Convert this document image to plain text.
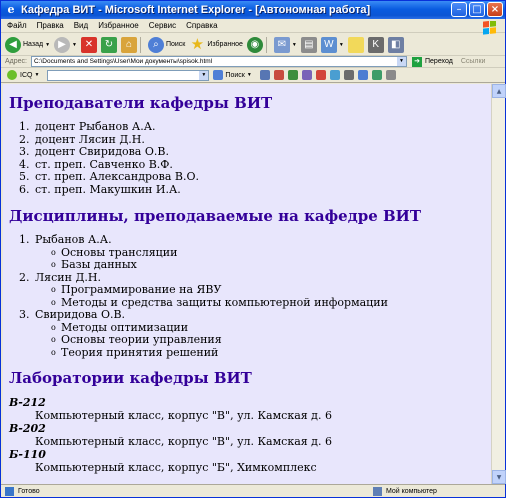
e Кафедра ВИТ - Microsoft Internet Explorer - [Автономная работа]	–	□ ×
Файл Правка Вид Избранное Сервис Справка
◀ Назад ▼ ▶	▼ ✕	↻	⌂	⌕	Поиск ★ Избранное ◉	✉	▼ ▤	W	▼	K	◧
Адрес:	C:\Documents and Settings\User\Мои документы\spisok.html	▼ ➜ Переход Ссылки
ICQ ▼	▼	Поиск ▼
Преподаватели кафедры ВИТ
1. доцент Рыбанов А.А.
2. доцент Лясин Д.Н.
3. доцент Свиридова О.В.
4. ст. преп. Савченко В.Ф.
5. ст. преп. Александрова В.О.
6. ст. преп. Макушкин И.А.
Дисциплины, преподаваемые на кафедре ВИТ
1. Рыбанов А.А.
o Основы трансляции
o Базы данных
2. Лясин Д.Н.
o Программирование на ЯВУ
o Методы и средства защиты компьютерной информации
3. Свиридова О.В.
o Методы оптимизации
o Основы теории управления
o Теория принятия решений
Лаборатории кафедры ВИТ
В-212
Компьютерный класс, корпус "В", ул. Камская д. 6
В-202
Компьютерный класс, корпус "В", ул. Камская д. 6
Б-110
Компьютерный класс, корпус "Б", Химкомплекс
▲
▼
Готово	Мой компьютер
